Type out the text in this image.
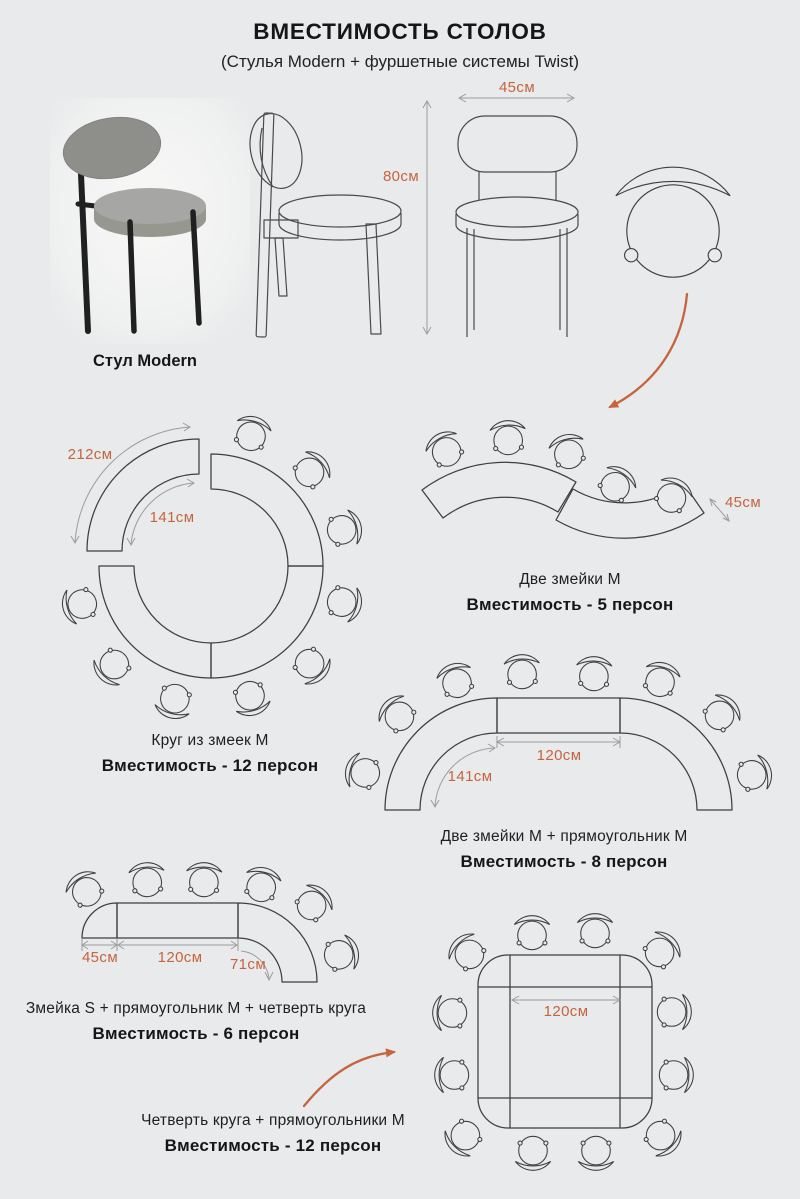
80см
45см
212см
141см
45см
120см
141см
45см	120см 71см
120см
ВМЕСТИМОСТЬ СТОЛОВ
(Стулья Modern + фуршетные системы Twist)
Стул Modern
Круг из змеек M
Вместимость - 12 персон
Две змейки M
Вместимость - 5 персон
Две змейки M + прямоугольник M
Вместимость - 8 персон
Змейка S + прямоугольник M + четверть круга
Вместимость - 6 персон
Четверть круга + прямоугольники M
Вместимость - 12 персон
